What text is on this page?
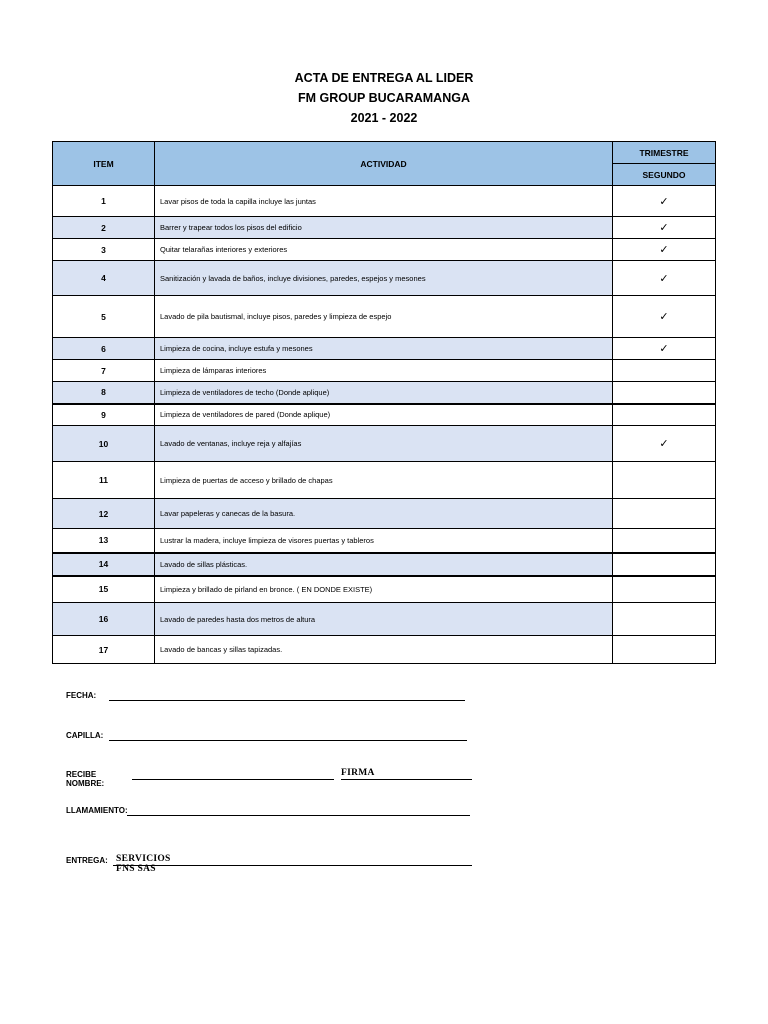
ACTA DE ENTREGA AL LIDER
FM GROUP BUCARAMANGA
2021 - 2022
ITEM	ACTIVIDAD	TRIMESTRE
		SEGUNDO
1	Lavar pisos de toda la capilla incluye las juntas	✓
2	Barrer y trapear todos los pisos del edificio	✓
3	Quitar telarañas interiores y exteriores	✓
4	Sanitización y lavada de baños, incluye divisiones, paredes, espejos y mesones	✓
5	Lavado de pila bautismal, incluye pisos, paredes y limpieza de espejo	✓
6	Limpieza de cocina, incluye estufa y mesones	✓
7	Limpieza de lámparas interiores	
8	Limpieza de ventiladores de techo (Donde aplique)	
9	Limpieza de ventiladores de pared (Donde aplique)	
10	Lavado de ventanas, incluye reja y alfajías	✓
11	Limpieza de puertas de acceso y brillado de chapas	
12	Lavar papeleras y canecas de la basura.	
13	Lustrar la madera, incluye limpieza de visores puertas y tableros	
14	Lavado de sillas plásticas.	
15	Limpieza y brillado de pirland en bronce. ( EN DONDE EXISTE)	
16	Lavado de paredes hasta dos metros de altura	
17	Lavado de bancas y sillas tapizadas.	
FECHA:
CAPILLA:
RECIBE NOMBRE:
FIRMA
LLAMAMIENTO:
ENTREGA: SERVICIOS FNS SAS
